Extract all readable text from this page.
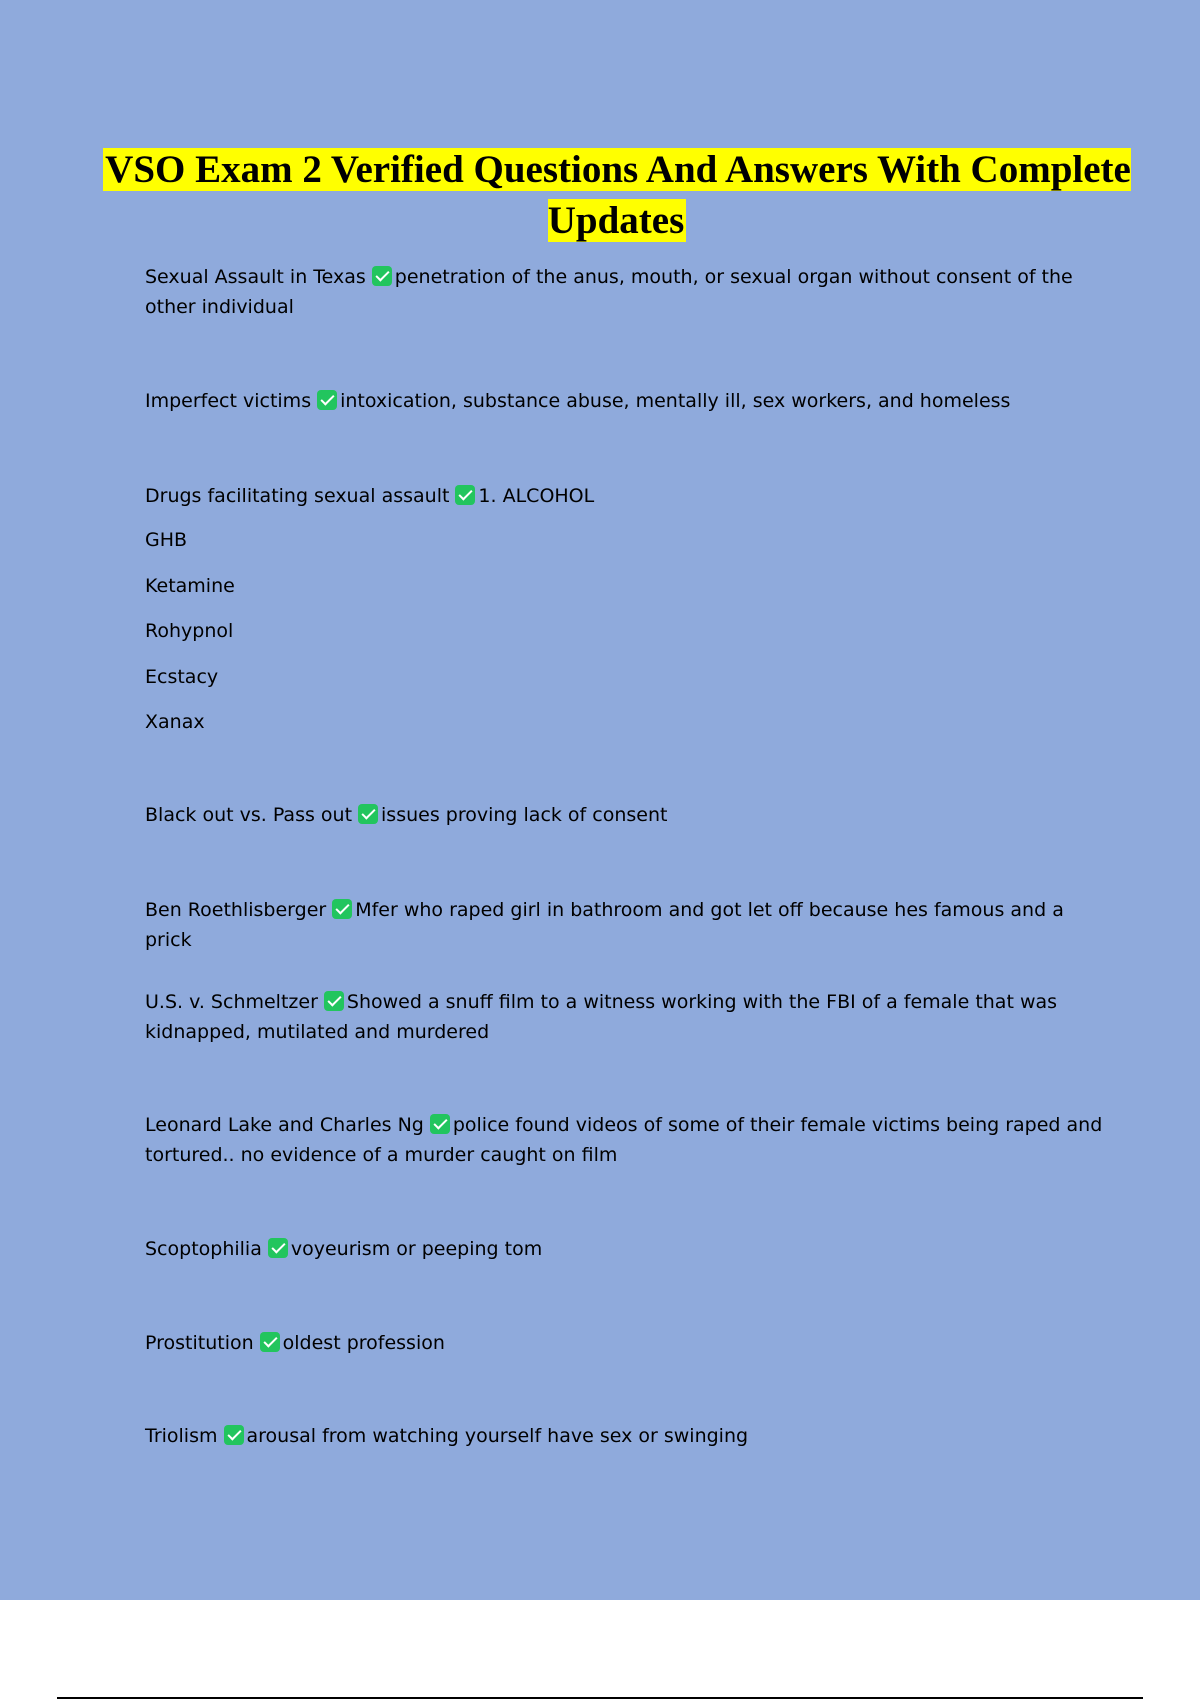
VSO Exam 2 Verified Questions And Answers With Complete Updates
Sexual Assault in Texas penetration of the anus, mouth, or sexual organ without consent of the other individual
Imperfect victims intoxication, substance abuse, mentally ill, sex workers, and homeless
Drugs facilitating sexual assault 1. ALCOHOL
GHB
Ketamine
Rohypnol
Ecstacy
Xanax
Black out vs. Pass out issues proving lack of consent
Ben Roethlisberger Mfer who raped girl in bathroom and got let off because hes famous and a prick
U.S. v. Schmeltzer Showed a snuff film to a witness working with the FBI of a female that was kidnapped, mutilated and murdered
Leonard Lake and Charles Ng police found videos of some of their female victims being raped and tortured.. no evidence of a murder caught on film
Scoptophilia voyeurism or peeping tom
Prostitution oldest profession
Triolism arousal from watching yourself have sex or swinging
